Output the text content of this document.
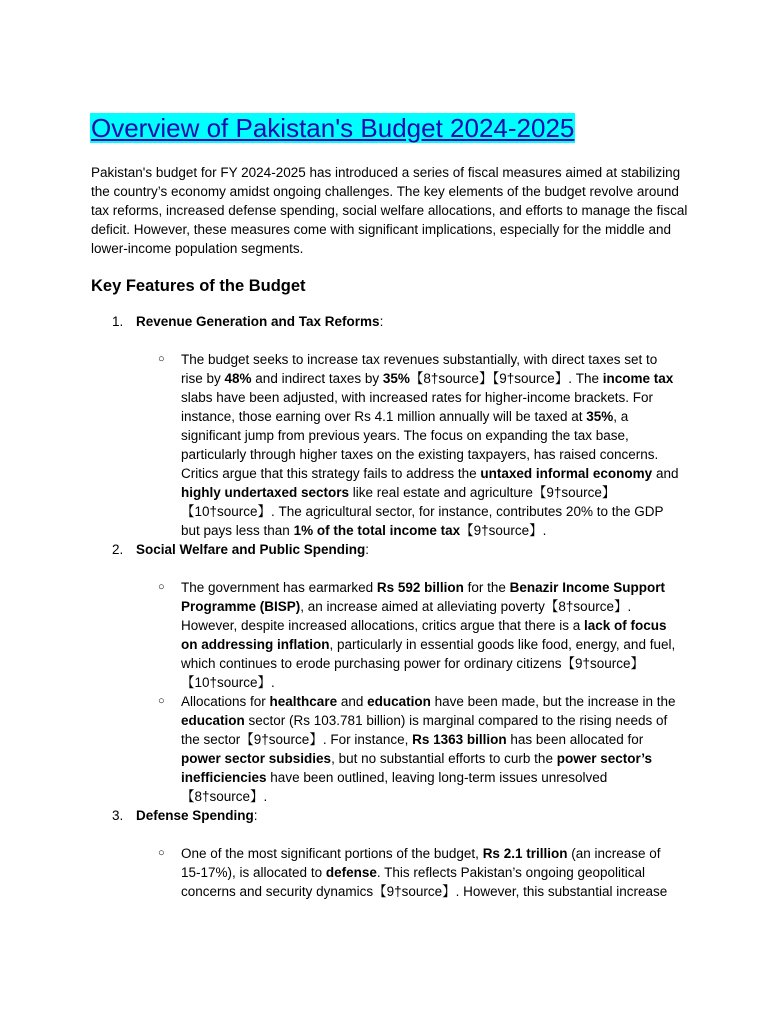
Overview of Pakistan's Budget 2024-2025

Pakistan's budget for FY 2024-2025 has introduced a series of fiscal measures aimed at stabilizing the country’s economy amidst ongoing challenges. The key elements of the budget revolve around tax reforms, increased defense spending, social welfare allocations, and efforts to manage the fiscal deficit. However, these measures come with significant implications, especially for the middle and lower-income population segments.

Key Features of the Budget
1. Revenue Generation and Tax Reforms:
○	The budget seeks to increase tax revenues substantially, with direct taxes set to rise by 48% and indirect taxes by 35%【8†source】【9†source】. The income tax slabs have been adjusted, with increased rates for higher-income brackets. For instance, those earning over Rs 4.1 million annually will be taxed at 35%, a significant jump from previous years. The focus on expanding the tax base, particularly through higher taxes on the existing taxpayers, has raised concerns. Critics argue that this strategy fails to address the untaxed informal economy and highly undertaxed sectors like real estate and agriculture【9†source】【10†source】. The agricultural sector, for instance, contributes 20% to the GDP but pays less than 1% of the total income tax【9†source】.
2. Social Welfare and Public Spending:
○	The government has earmarked Rs 592 billion for the Benazir Income Support Programme (BISP), an increase aimed at alleviating poverty【8†source】. However, despite increased allocations, critics argue that there is a lack of focus on addressing inflation, particularly in essential goods like food, energy, and fuel, which continues to erode purchasing power for ordinary citizens【9†source】【10†source】.
○	Allocations for healthcare and education have been made, but the increase in the education sector (Rs 103.781 billion) is marginal compared to the rising needs of the sector【9†source】. For instance, Rs 1363 billion has been allocated for power sector subsidies, but no substantial efforts to curb the power sector’s inefficiencies have been outlined, leaving long-term issues unresolved【8†source】.
3. Defense Spending:
○	One of the most significant portions of the budget, Rs 2.1 trillion (an increase of 15-17%), is allocated to defense. This reflects Pakistan’s ongoing geopolitical concerns and security dynamics【9†source】. However, this substantial increase
